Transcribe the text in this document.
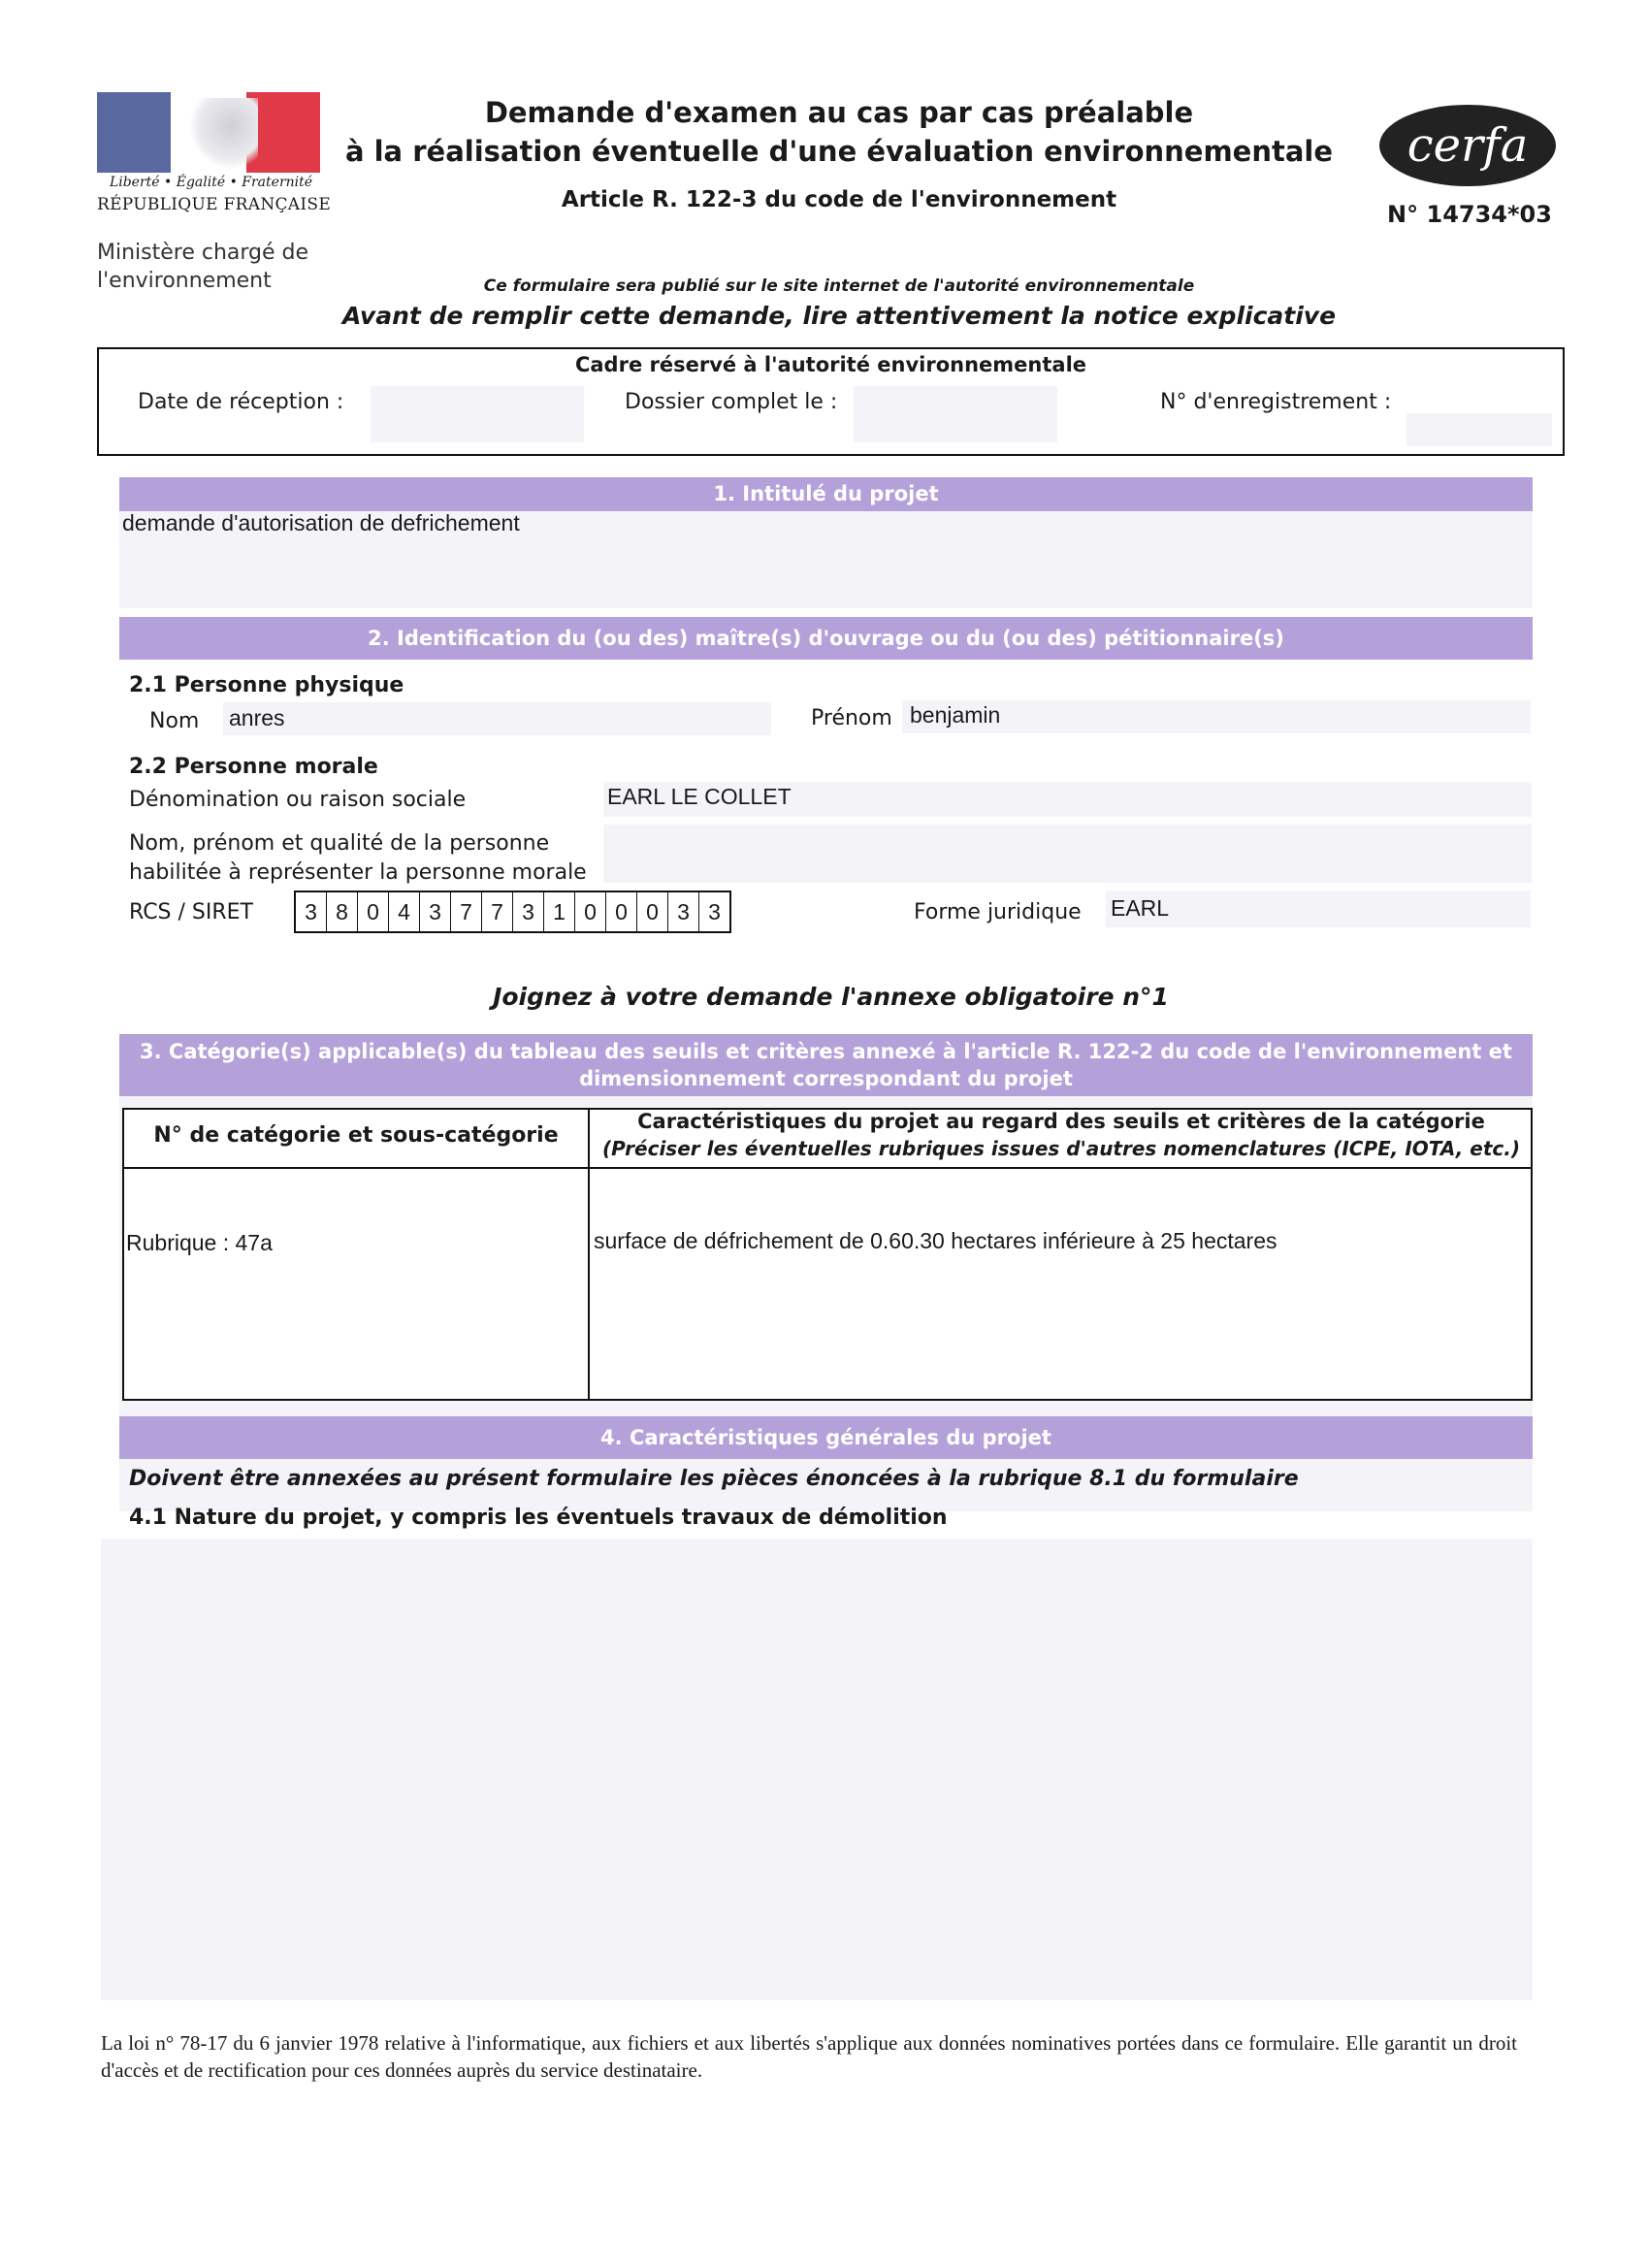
Liberté • Égalité • Fraternité
RÉPUBLIQUE FRANÇAISE
Ministère chargé de l'environnement
Demande d'examen au cas par cas préalable
à la réalisation éventuelle d'une évaluation environnementale
Article R. 122-3 du code de l'environnement
cerfa
N° 14734*03
Ce formulaire sera publié sur le site internet de l'autorité environnementale
Avant de remplir cette demande, lire attentivement la notice explicative
Cadre réservé à l'autorité environnementale
Date de réception :	Dossier complet le :	N° d'enregistrement :
1. Intitulé du projet
demande d'autorisation de defrichement
2. Identification du (ou des) maître(s) d'ouvrage ou du (ou des) pétitionnaire(s)
2.1 Personne physique
Nom anres	Prénom benjamin
2.2 Personne morale
Dénomination ou raison sociale	EARL LE COLLET
Nom, prénom et qualité de la personne
habilitée à représenter la personne morale
RCS / SIRET	3 8 0 4 3 7 7 3 1 0 0 0 3 3	Forme juridique EARL
Joignez à votre demande l'annexe obligatoire n°1
3. Catégorie(s) applicable(s) du tableau des seuils et critères annexé à l'article R. 122-2 du code de l'environnement et
dimensionnement correspondant du projet
N° de catégorie et sous-catégorie
Caractéristiques du projet au regard des seuils et critères de la catégorie
(Préciser les éventuelles rubriques issues d'autres nomenclatures (ICPE, IOTA, etc.)
Rubrique : 47a	surface de défrichement de 0.60.30 hectares inférieure à 25 hectares
4. Caractéristiques générales du projet
Doivent être annexées au présent formulaire les pièces énoncées à la rubrique 8.1 du formulaire
4.1 Nature du projet, y compris les éventuels travaux de démolition
La loi n° 78-17 du 6 janvier 1978 relative à l'informatique, aux fichiers et aux libertés s'applique aux données nominatives portées dans ce formulaire. Elle garantit un droit d'accès et de rectification pour ces données auprès du service destinataire.
